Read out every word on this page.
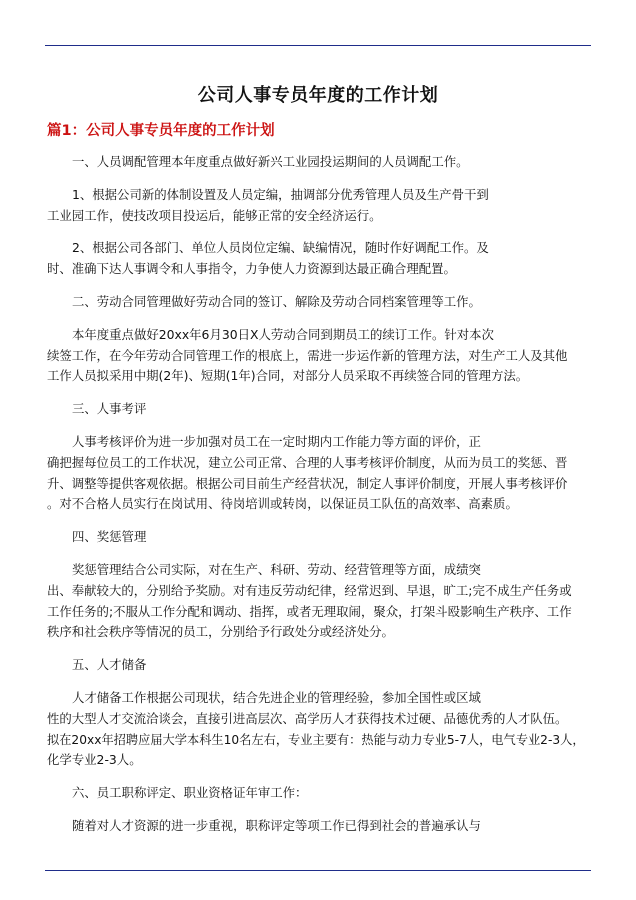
公司人事专员年度的工作计划
篇1：公司人事专员年度的工作计划

一、人员调配管理本年度重点做好新兴工业园投运期间的人员调配工作。

1、根据公司新的体制设置及人员定编，抽调部分优秀管理人员及生产骨干到
工业园工作，使技改项目投运后，能够正常的安全经济运行。

2、根据公司各部门、单位人员岗位定编、缺编情况，随时作好调配工作。及
时、准确下达人事调令和人事指令，力争使人力资源到达最正确合理配置。

二、劳动合同管理做好劳动合同的签订、解除及劳动合同档案管理等工作。

本年度重点做好20xx年6月30日X人劳动合同到期员工的续订工作。针对本次
续签工作，在今年劳动合同管理工作的根底上，需进一步运作新的管理方法，对生产工人及其他
工作人员拟采用中期(2年)、短期(1年)合同，对部分人员采取不再续签合同的管理方法。

三、人事考评

人事考核评价为进一步加强对员工在一定时期内工作能力等方面的评价，正
确把握每位员工的工作状况，建立公司正常、合理的人事考核评价制度，从而为员工的奖惩、晋
升、调整等提供客观依据。根据公司目前生产经营状况，制定人事评价制度，开展人事考核评价
。对不合格人员实行在岗试用、待岗培训或转岗，以保证员工队伍的高效率、高素质。

四、奖惩管理

奖惩管理结合公司实际，对在生产、科研、劳动、经营管理等方面，成绩突
出、奉献较大的，分别给予奖励。对有违反劳动纪律，经常迟到、早退，旷工;完不成生产任务或
工作任务的;不服从工作分配和调动、指挥，或者无理取闹，聚众，打架斗殴影响生产秩序、工作
秩序和社会秩序等情况的员工，分别给予行政处分或经济处分。

五、人才储备

人才储备工作根据公司现状，结合先进企业的管理经验，参加全国性或区域
性的大型人才交流洽谈会，直接引进高层次、高学历人才获得技术过硬、品德优秀的人才队伍。
拟在20xx年招聘应届大学本科生10名左右，专业主要有：热能与动力专业5-7人，电气专业2-3人，
化学专业2-3人。

六、员工职称评定、职业资格证年审工作：

随着对人才资源的进一步重视，职称评定等项工作已得到社会的普遍承认与
